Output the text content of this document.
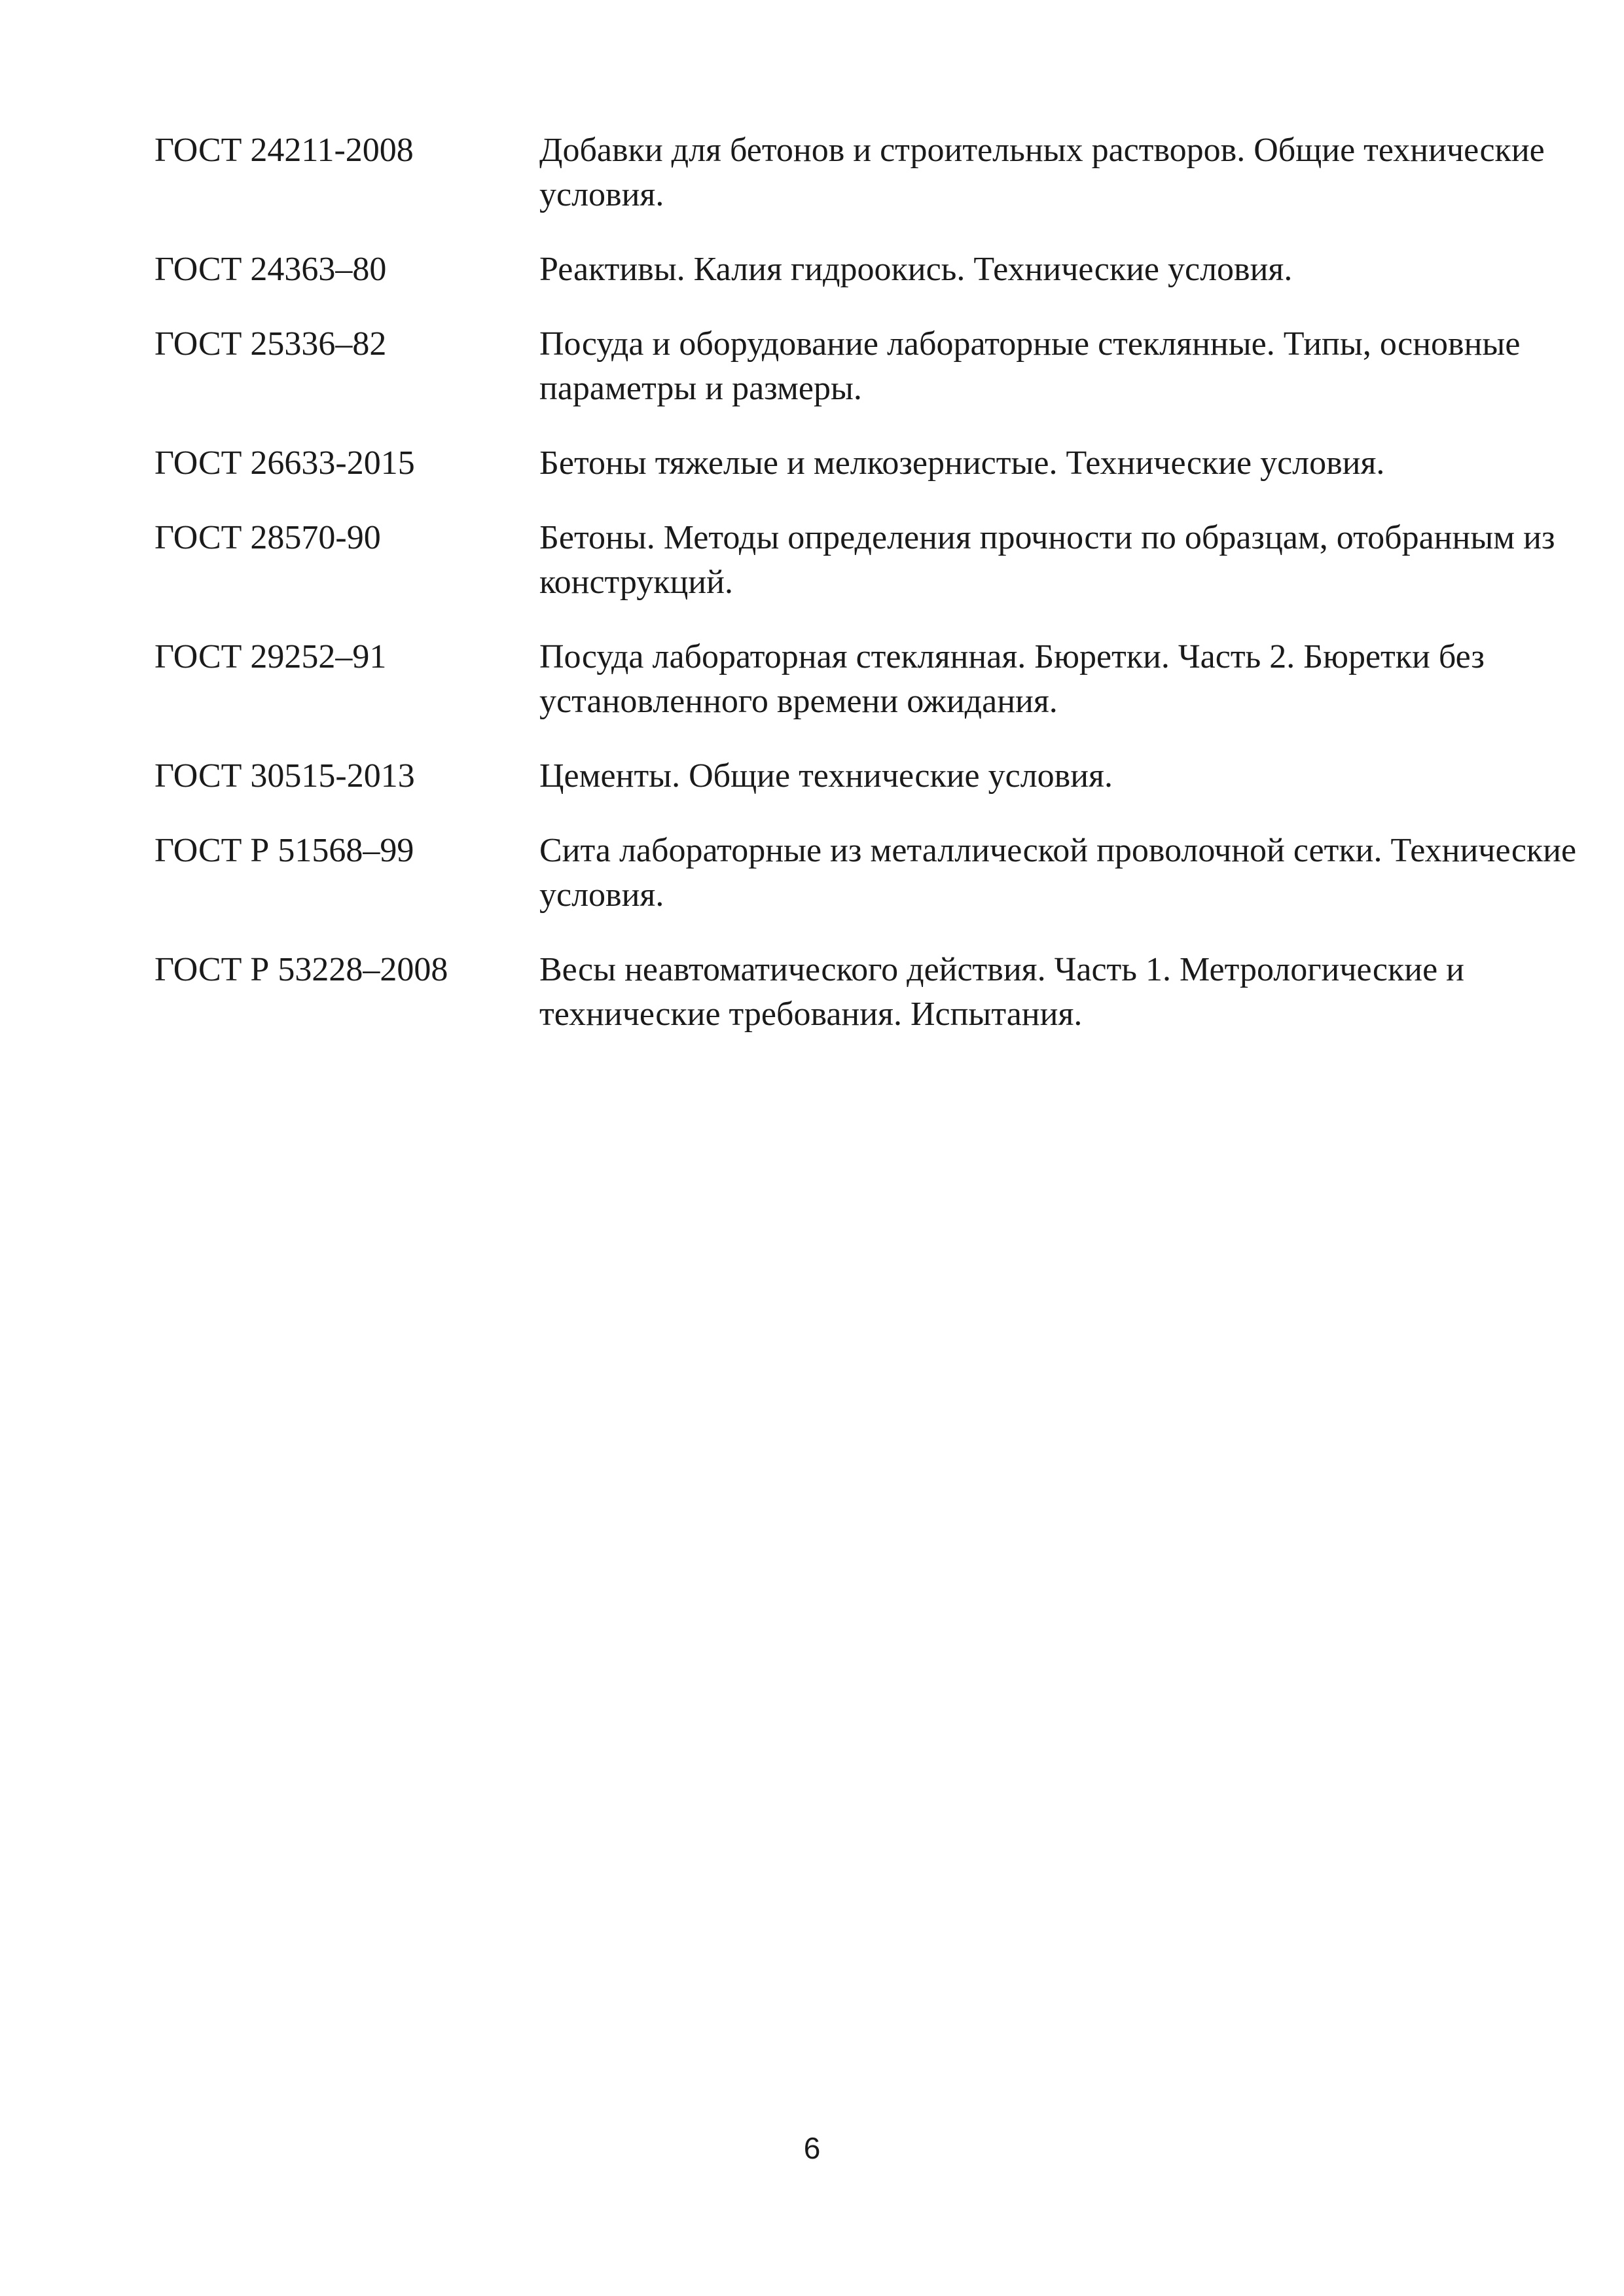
ГОСТ 24211-2008	Добавки для бетонов и строительных растворов. Общие технические условия.
ГОСТ 24363–80	Реактивы. Калия гидроокись. Технические условия.
ГОСТ 25336–82	Посуда и оборудование лабораторные стеклянные. Типы, основные параметры и размеры.
ГОСТ 26633-2015	Бетоны тяжелые и мелкозернистые. Технические условия.
ГОСТ 28570-90	Бетоны. Методы определения прочности по образцам, отобранным из конструкций.
ГОСТ 29252–91	Посуда лабораторная стеклянная. Бюретки. Часть 2. Бюретки без установленного времени ожидания.
ГОСТ 30515-2013	Цементы. Общие технические условия.
ГОСТ Р 51568–99	Сита лабораторные из металлической проволочной сетки. Технические условия.
ГОСТ Р 53228–2008	Весы неавтоматического действия. Часть 1. Метрологические и технические требования. Испытания.
6
